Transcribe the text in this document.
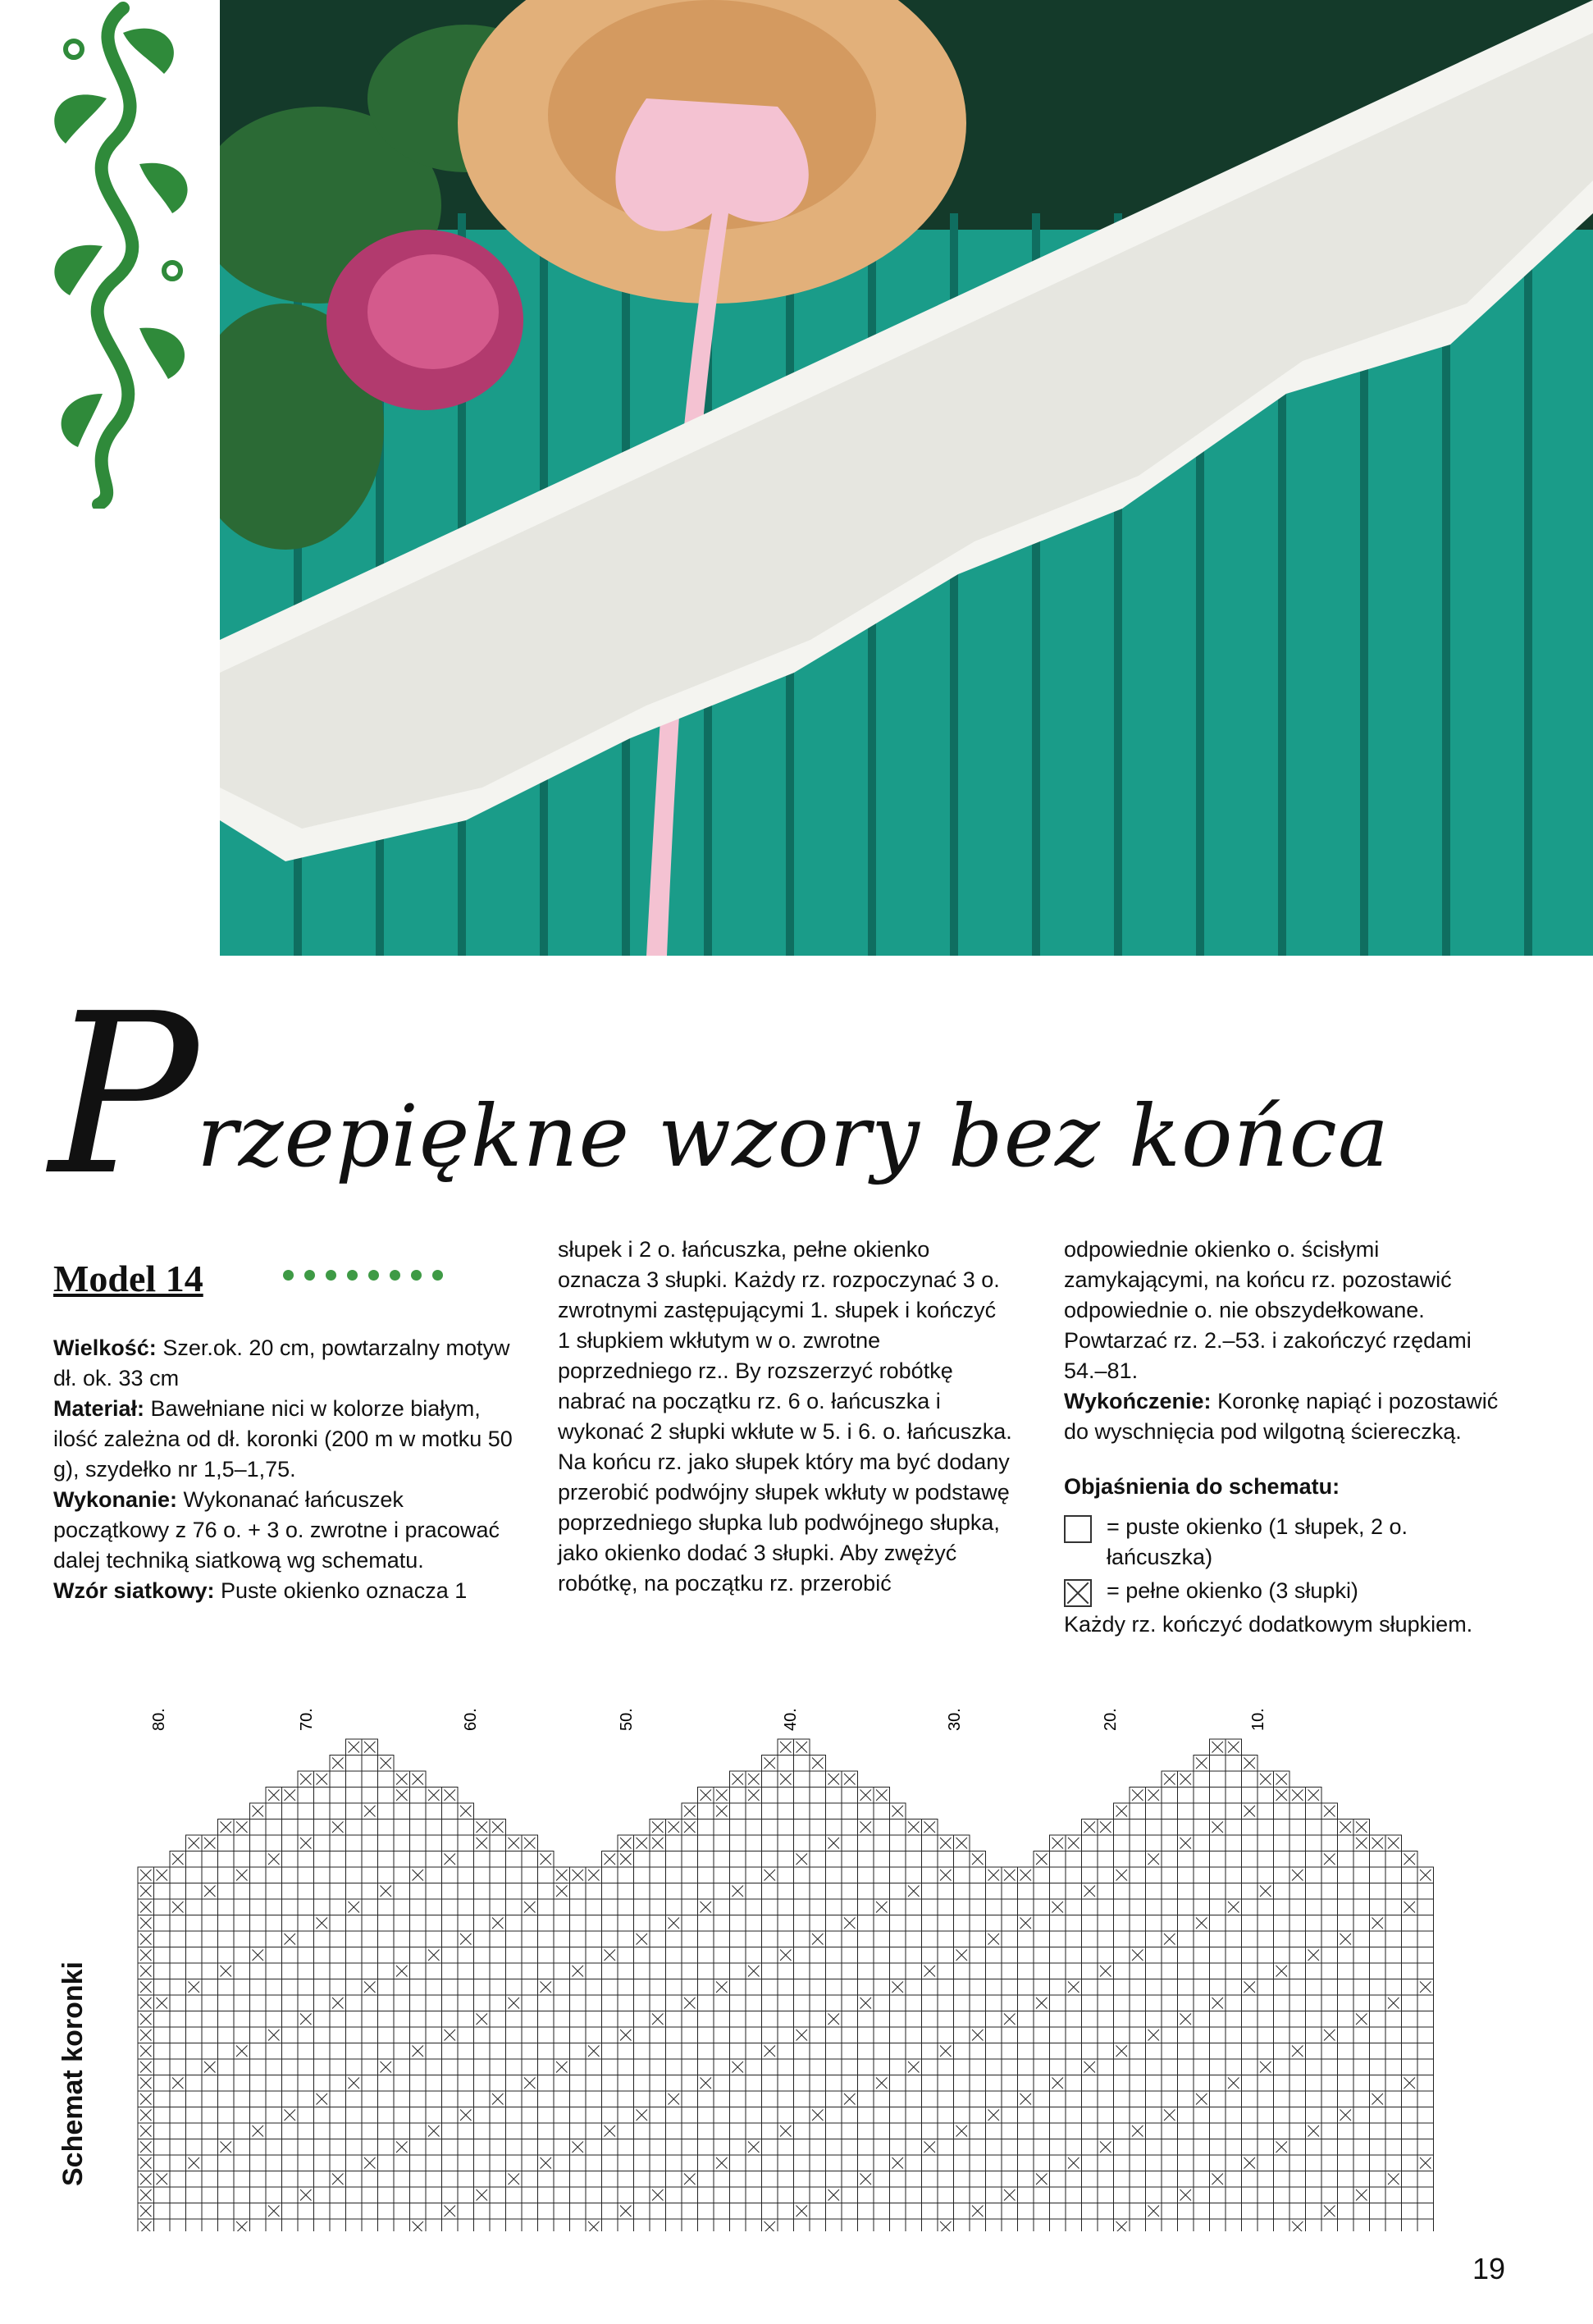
P
rzepiękne wzory bez końca
Model 14

Wielkość: Szer.ok. 20 cm, powtarzalny motyw dł. ok. 33 cm

Materiał: Bawełniane nici w kolorze białym, ilość zależna od dł. koronki (200 m w motku 50 g), szydełko nr 1,5–1,75.

Wykonanie: Wykonanać łańcuszek początkowy z 76 o. + 3 o. zwrotne i pracować dalej techniką siatkową wg schematu.

Wzór siatkowy: Puste okienko oznacza 1

słupek i 2 o. łańcuszka, pełne okienko oznacza 3 słupki. Każdy rz. rozpoczynać 3 o. zwrotnymi zastępującymi 1. słupek i kończyć 1 słupkiem wkłutym w o. zwrotne poprzedniego rz.. By rozszerzyć robótkę nabrać na początku rz. 6 o. łańcuszka i wykonać 2 słupki wkłute w 5. i 6. o. łańcuszka. Na końcu rz. jako słupek który ma być dodany przerobić podwójny słupek wkłuty w podstawę poprzedniego słupka lub podwójnego słupka, jako okienko dodać 3 słupki. Aby zwężyć robótkę, na początku rz. przerobić

odpowiednie okienko o. ścisłymi zamykającymi, na końcu rz. pozostawić odpowiednie o. nie obszydełkowane. Powtarzać rz. 2.–53. i zakończyć rzędami 54.–81.

Wykończenie: Koronkę napiąć i pozostawić do wyschnięcia pod wilgotną ściereczką.

Objaśnienia do schematu:

= puste okienko (1 słupek, 2 o. łańcuszka)
= pełne okienko (3 słupki)

Każdy rz. kończyć dodatkowym słupkiem.

Schemat koronki
80.	70.	60.	50.	40.	30.	20.	10.
19
